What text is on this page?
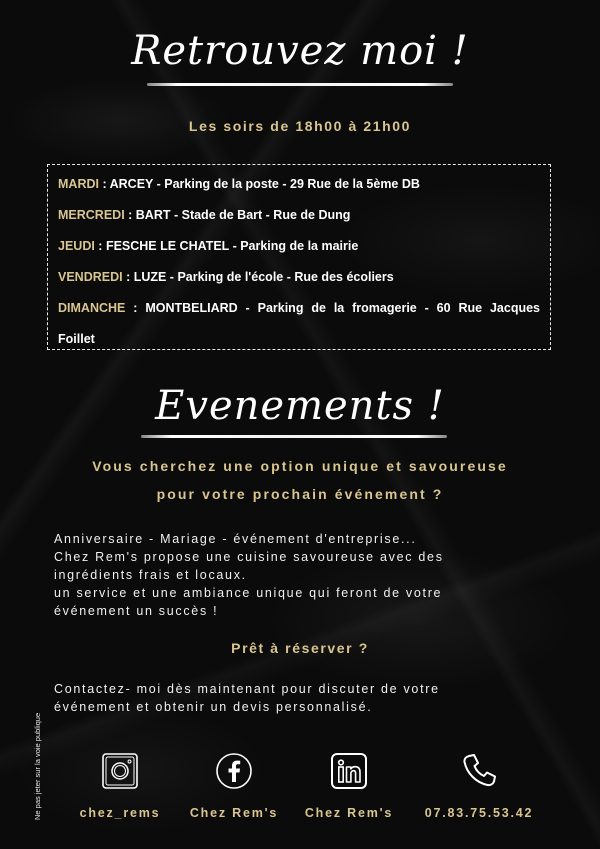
Retrouvez moi !
Les soirs de 18h00 à 21h00
MARDI : ARCEY - Parking de la poste - 29 Rue de la 5ème DB
MERCREDI : BART - Stade de Bart - Rue de Dung
JEUDI : FESCHE LE CHATEL - Parking de la mairie
VENDREDI : LUZE - Parking de l'école - Rue des écoliers
DIMANCHE : MONTBELIARD - Parking de la fromagerie - 60 Rue Jacques Foillet
Evenements !
Vous cherchez une option unique et savoureuse
pour votre prochain événement ?
Anniversaire - Mariage - événement d'entreprise...
Chez Rem's propose une cuisine savoureuse avec des
ingrédients frais et locaux.
un service et une ambiance unique qui feront de votre
événement un succès !
Prêt à réserver ?
Contactez- moi dès maintenant pour discuter de votre
événement et obtenir un devis personnalisé.
chez_rems	Chez Rem's	Chez Rem's	07.83.75.53.42
Ne pas jeter sur la voie publique
